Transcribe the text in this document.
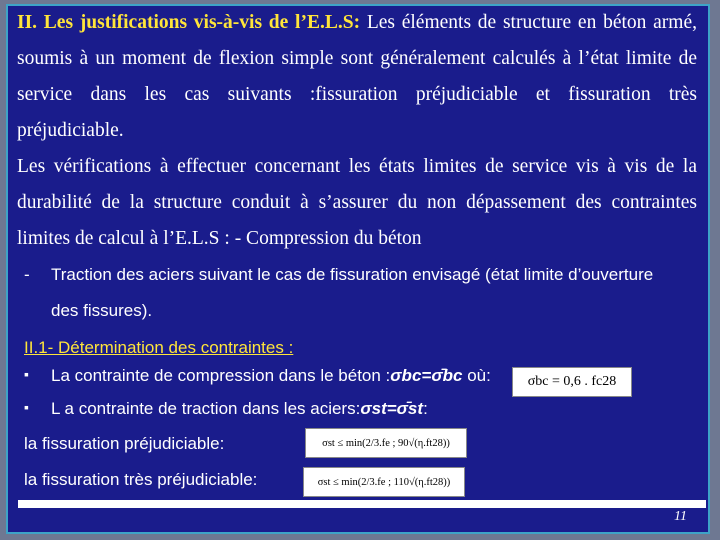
II. Les justifications vis-à-vis de l’E.L.S: Les éléments de structure en béton armé,
soumis à un moment de flexion simple sont généralement calculés à l’état limite de
service dans les cas suivants :fissuration préjudiciable et fissuration très
préjudiciable.
Les vérifications à effectuer concernant les états limites de service vis à vis de la
durabilité de la structure conduit à s’assurer du non dépassement des contraintes
limites de calcul à l’E.L.S : - Compression du béton
-	Traction des aciers suivant le cas de fissuration envisagé (état limite d’ouverture
des fissures).
II.1- Détermination des contraintes :
▪ La contrainte de compression dans le béton :σbc=σ̄bc où:	σbc = 0,6 . fc28
▪ L a contrainte de traction dans les aciers:σst=σ̄st:
la fissuration préjudiciable:	σst ≤ min(2/3.fe ; 90√(η.ft28))
la fissuration très préjudiciable:	σst ≤ min(2/3.fe ; 110√(η.ft28))
11
